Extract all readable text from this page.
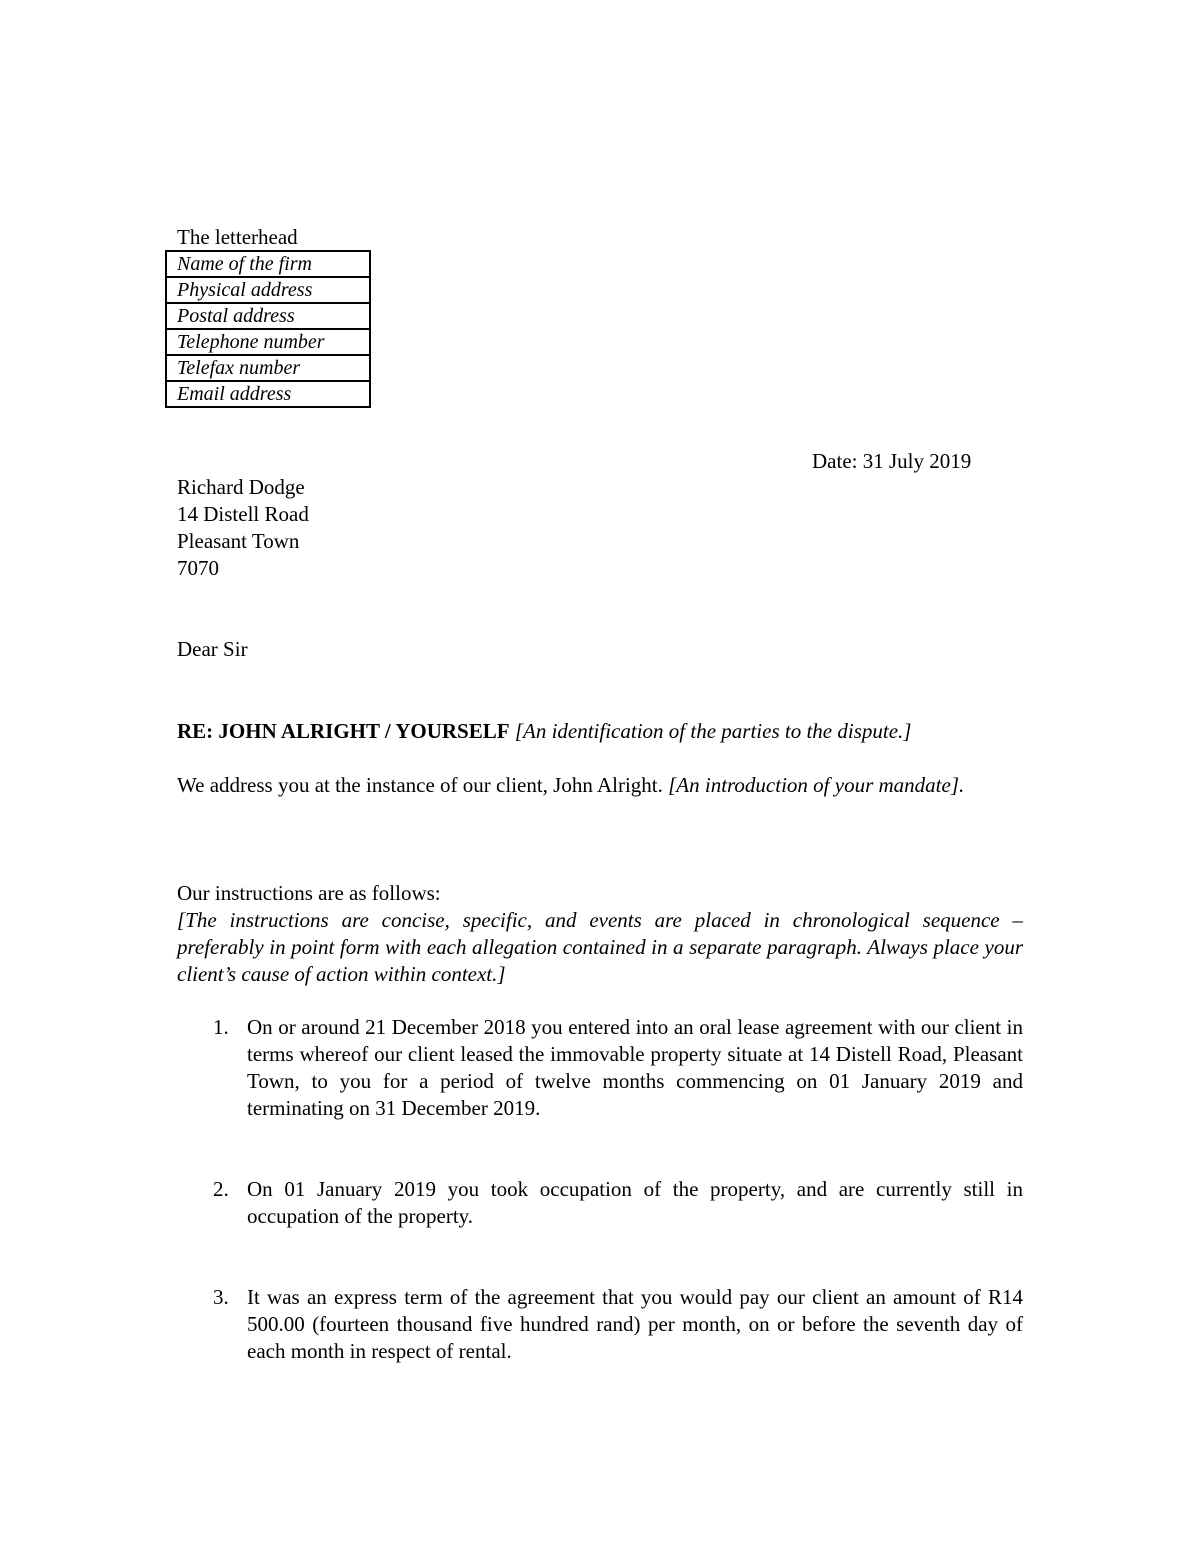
The letterhead
Name of the firm
Physical address
Postal address
Telephone number
Telefax number
Email address
Date: 31 July 2019
Richard Dodge
14 Distell Road
Pleasant Town
7070
Dear Sir
RE: JOHN ALRIGHT / YOURSELF [An identification of the parties to the dispute.]
We address you at the instance of our client, John Alright. [An introduction of your mandate].
Our instructions are as follows:
[The instructions are concise, specific, and events are placed in chronological sequence – preferably in point form with each allegation contained in a separate paragraph. Always place your client’s cause of action within context.]
1. On or around 21 December 2018 you entered into an oral lease agreement with our client in terms whereof our client leased the immovable property situate at 14 Distell Road, Pleasant Town, to you for a period of twelve months commencing on 01 January 2019 and terminating on 31 December 2019.
2. On 01 January 2019 you took occupation of the property, and are currently still in occupation of the property.
3. It was an express term of the agreement that you would pay our client an amount of R14 500.00 (fourteen thousand five hundred rand) per month, on or before the seventh day of each month in respect of rental.
